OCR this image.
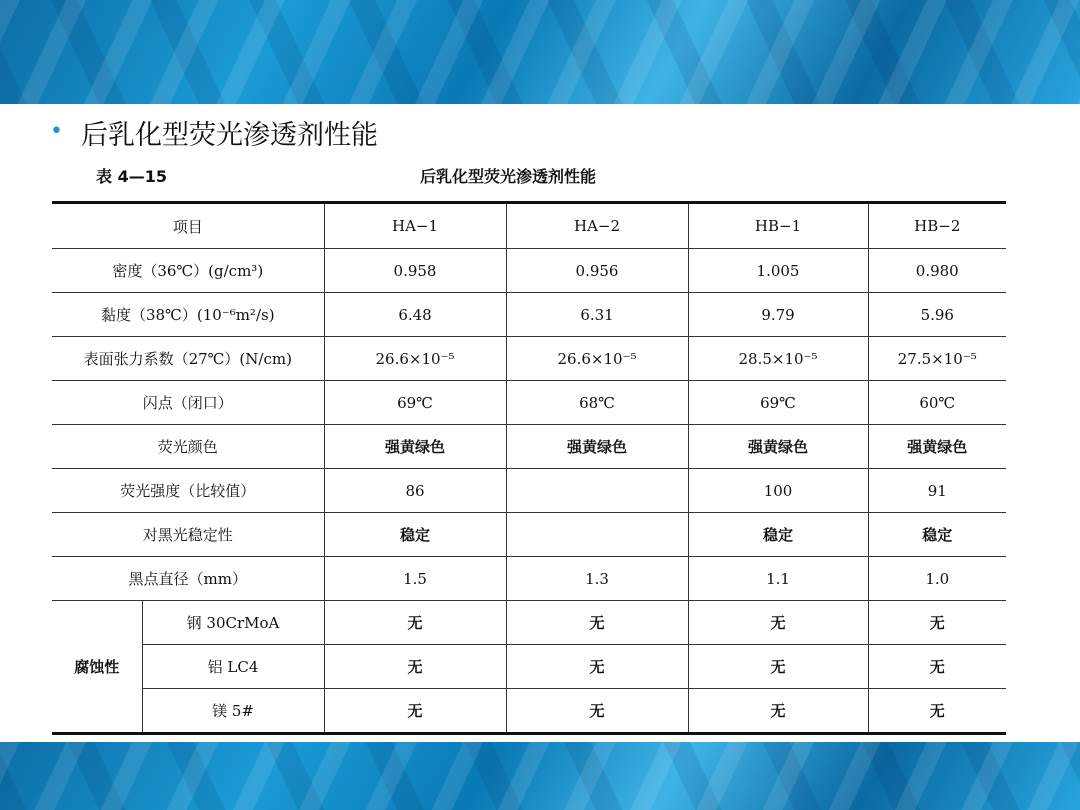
• 后乳化型荧光渗透剂性能
表 4—15	后乳化型荧光渗透剂性能
项目		HA−1	HA−2	HB−1	HB−2
密度（36℃）(g/cm³)		0.958	0.956	1.005	0.980
黏度（38℃）(10⁻⁶m²/s)		6.48	6.31	9.79	5.96
表面张力系数（27℃）(N/cm)		26.6×10⁻⁵	26.6×10⁻⁵	28.5×10⁻⁵	27.5×10⁻⁵
闪点（闭口）		69℃	68℃	69℃	60℃
荧光颜色		强黄绿色	强黄绿色	强黄绿色	强黄绿色
荧光强度（比较值）		86		100	91
对黑光稳定性		稳定		稳定	稳定
黑点直径（mm）		1.5	1.3	1.1	1.0
腐蚀性	钢 30CrMoA	无	无	无	无
	铝 LC4	无	无	无	无
	镁 5#	无	无	无	无
